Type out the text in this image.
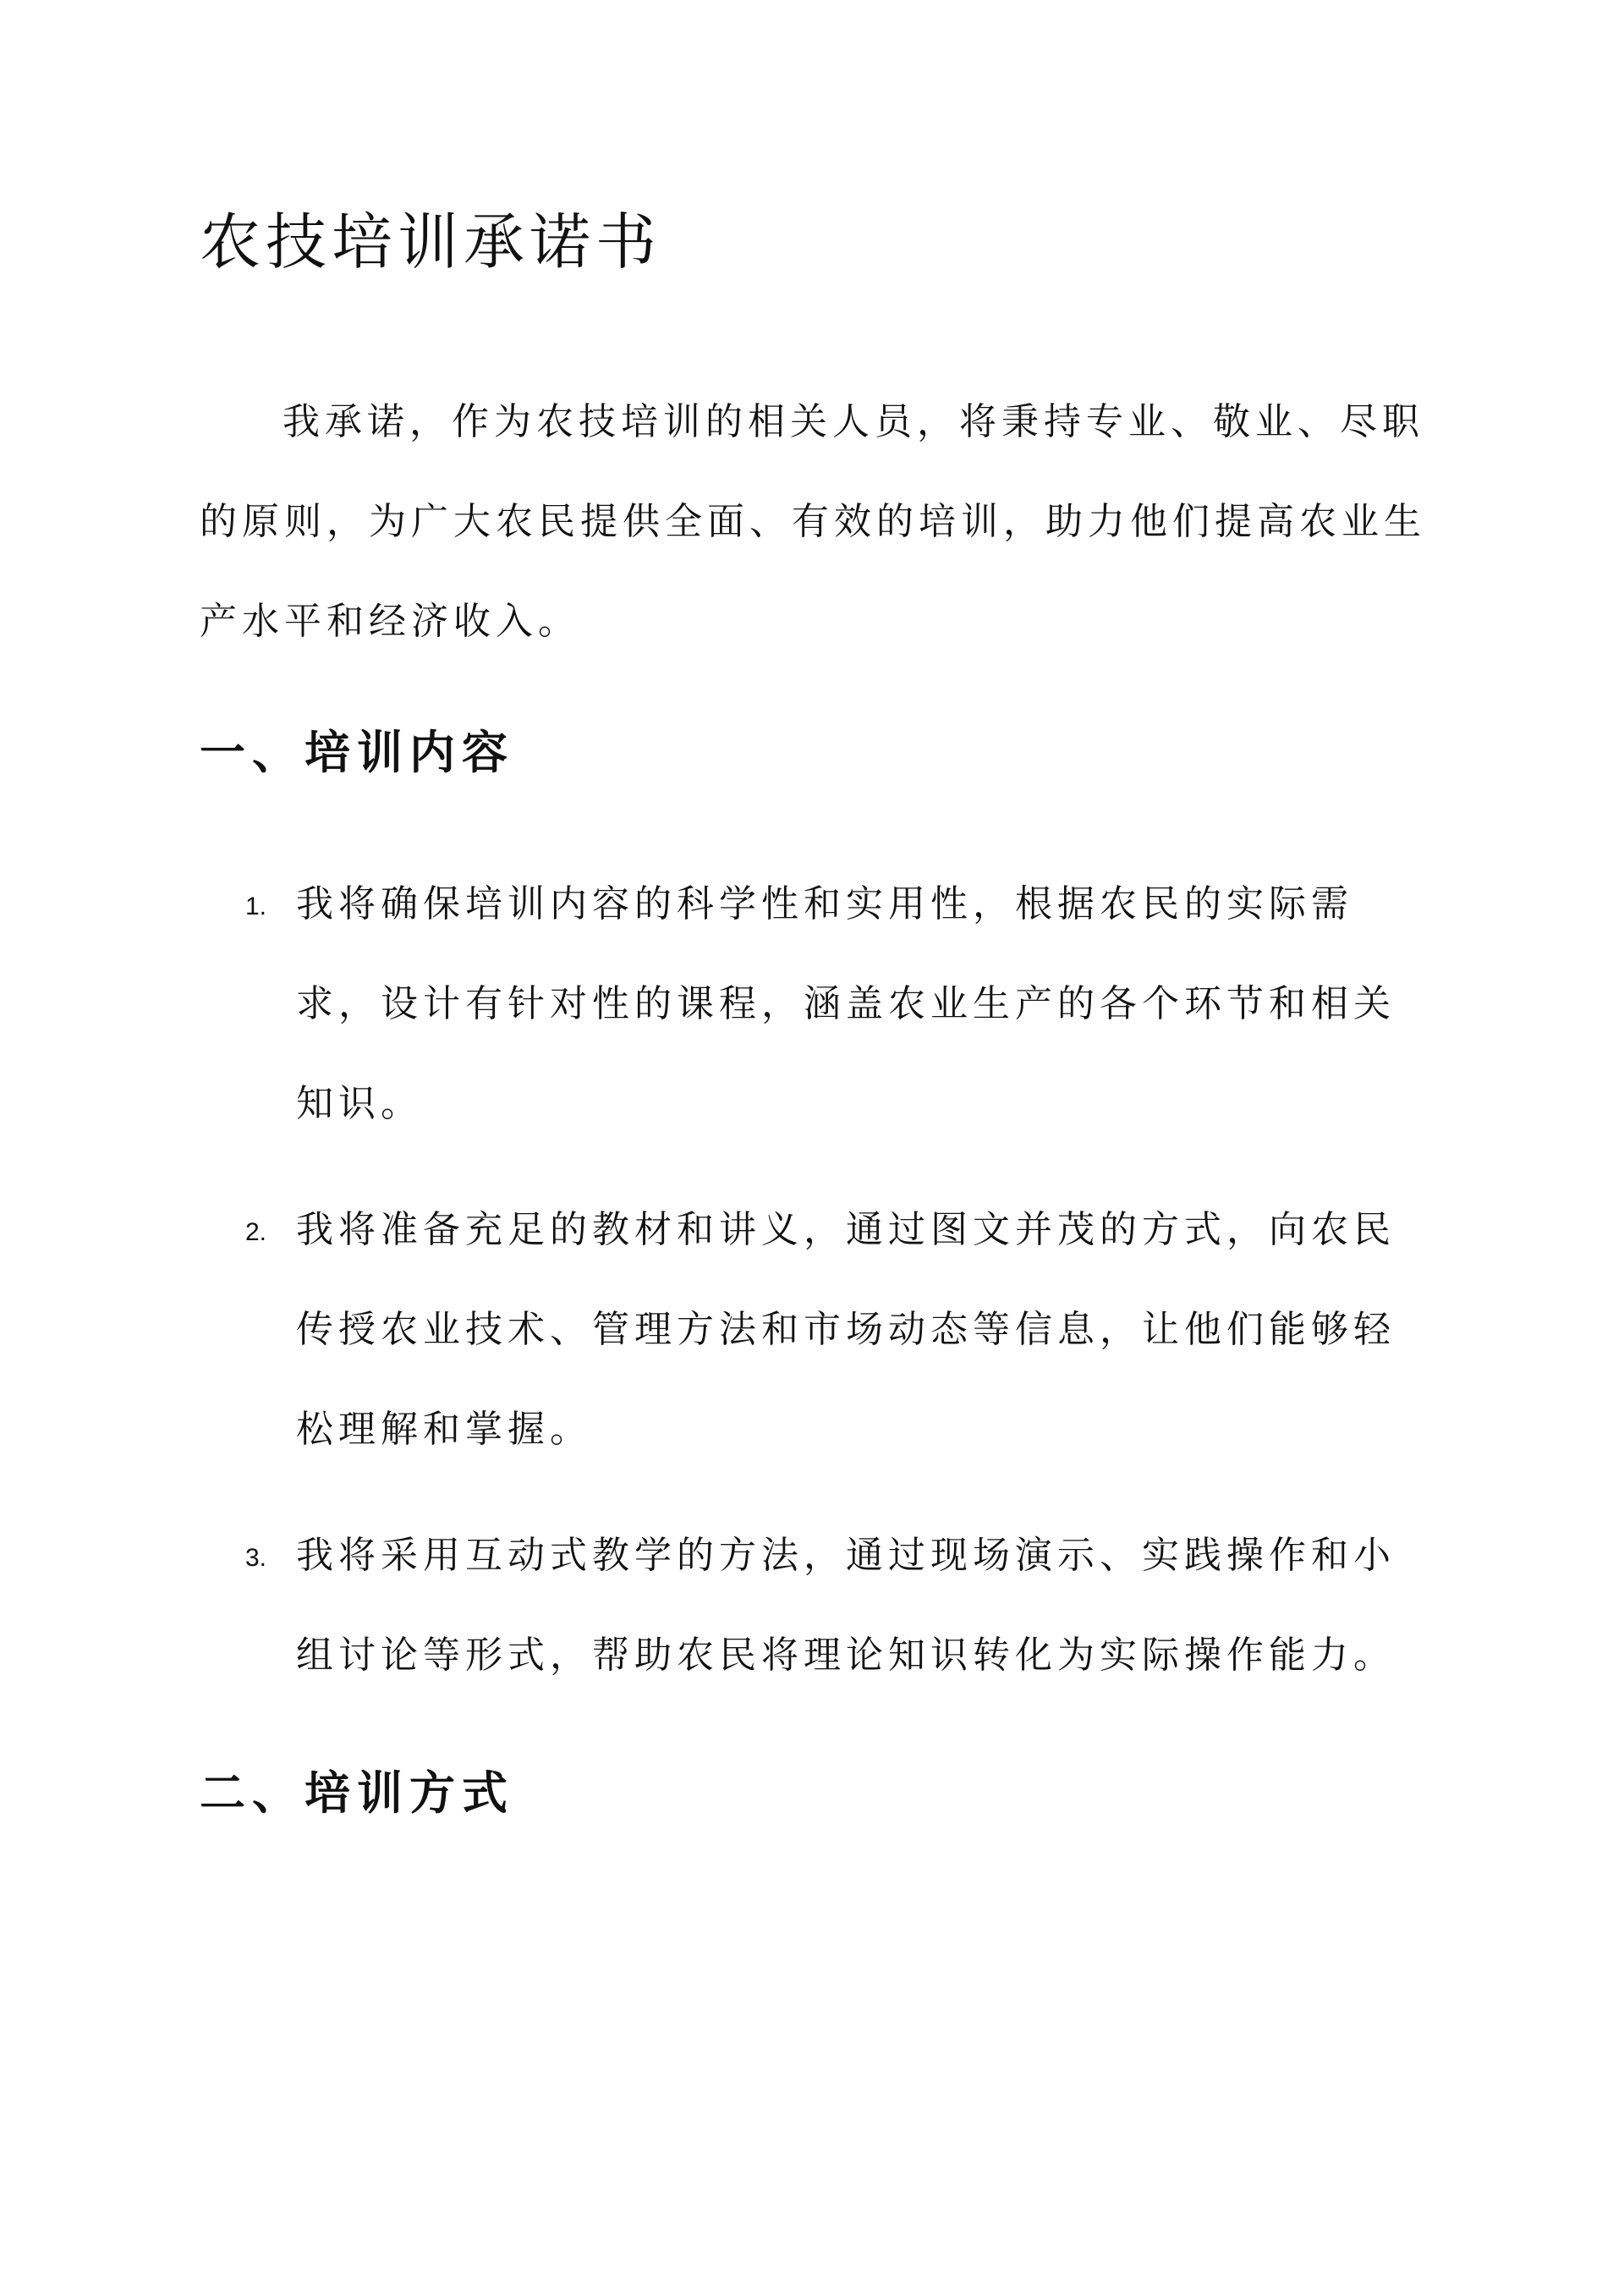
农技培训承诺书

我承诺，作为农技培训的相关人员，将秉持专业、敬业、尽职的原则，为广大农民提供全面、有效的培训，助力他们提高农业生产水平和经济收入。

一、培训内容
1. 我将确保培训内容的科学性和实用性，根据农民的实际需求，设计有针对性的课程，涵盖农业生产的各个环节和相关知识。

2. 我将准备充足的教材和讲义，通过图文并茂的方式，向农民传授农业技术、管理方法和市场动态等信息，让他们能够轻松理解和掌握。

3. 我将采用互动式教学的方法，通过现场演示、实践操作和小组讨论等形式，帮助农民将理论知识转化为实际操作能力。

二、培训方式
